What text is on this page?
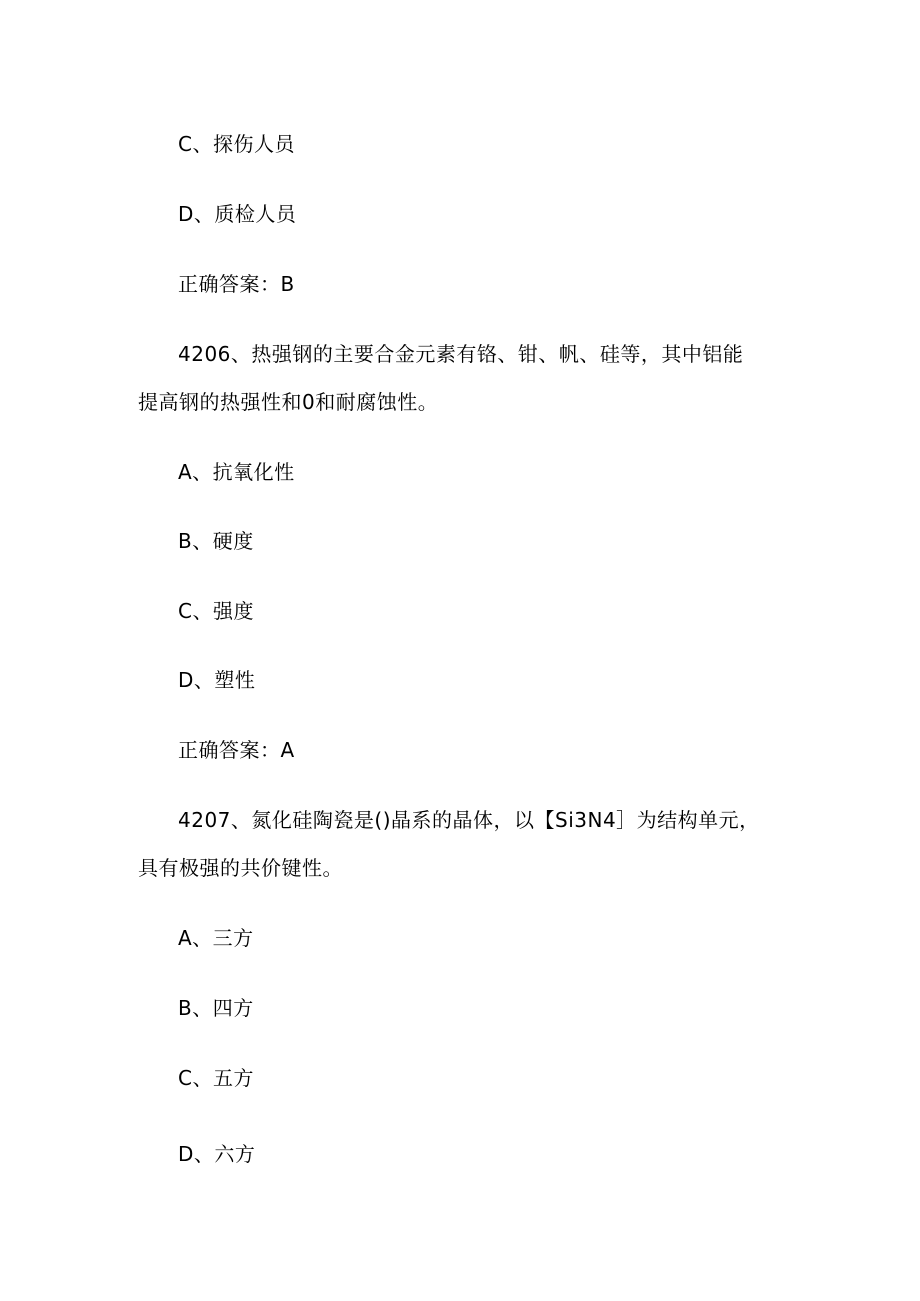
C、探伤人员
D、质检人员
正确答案：B
4206、热强钢的主要合金元素有铬、钳、帆、硅等，其中铝能
提高钢的热强性和0和耐腐蚀性。
A、抗氧化性
B、硬度
C、强度
D、塑性
正确答案：A
4207、氮化硅陶瓷是()晶系的晶体，以【Si3N4］为结构单元，
具有极强的共价键性。
A、三方
B、四方
C、五方
D、六方
